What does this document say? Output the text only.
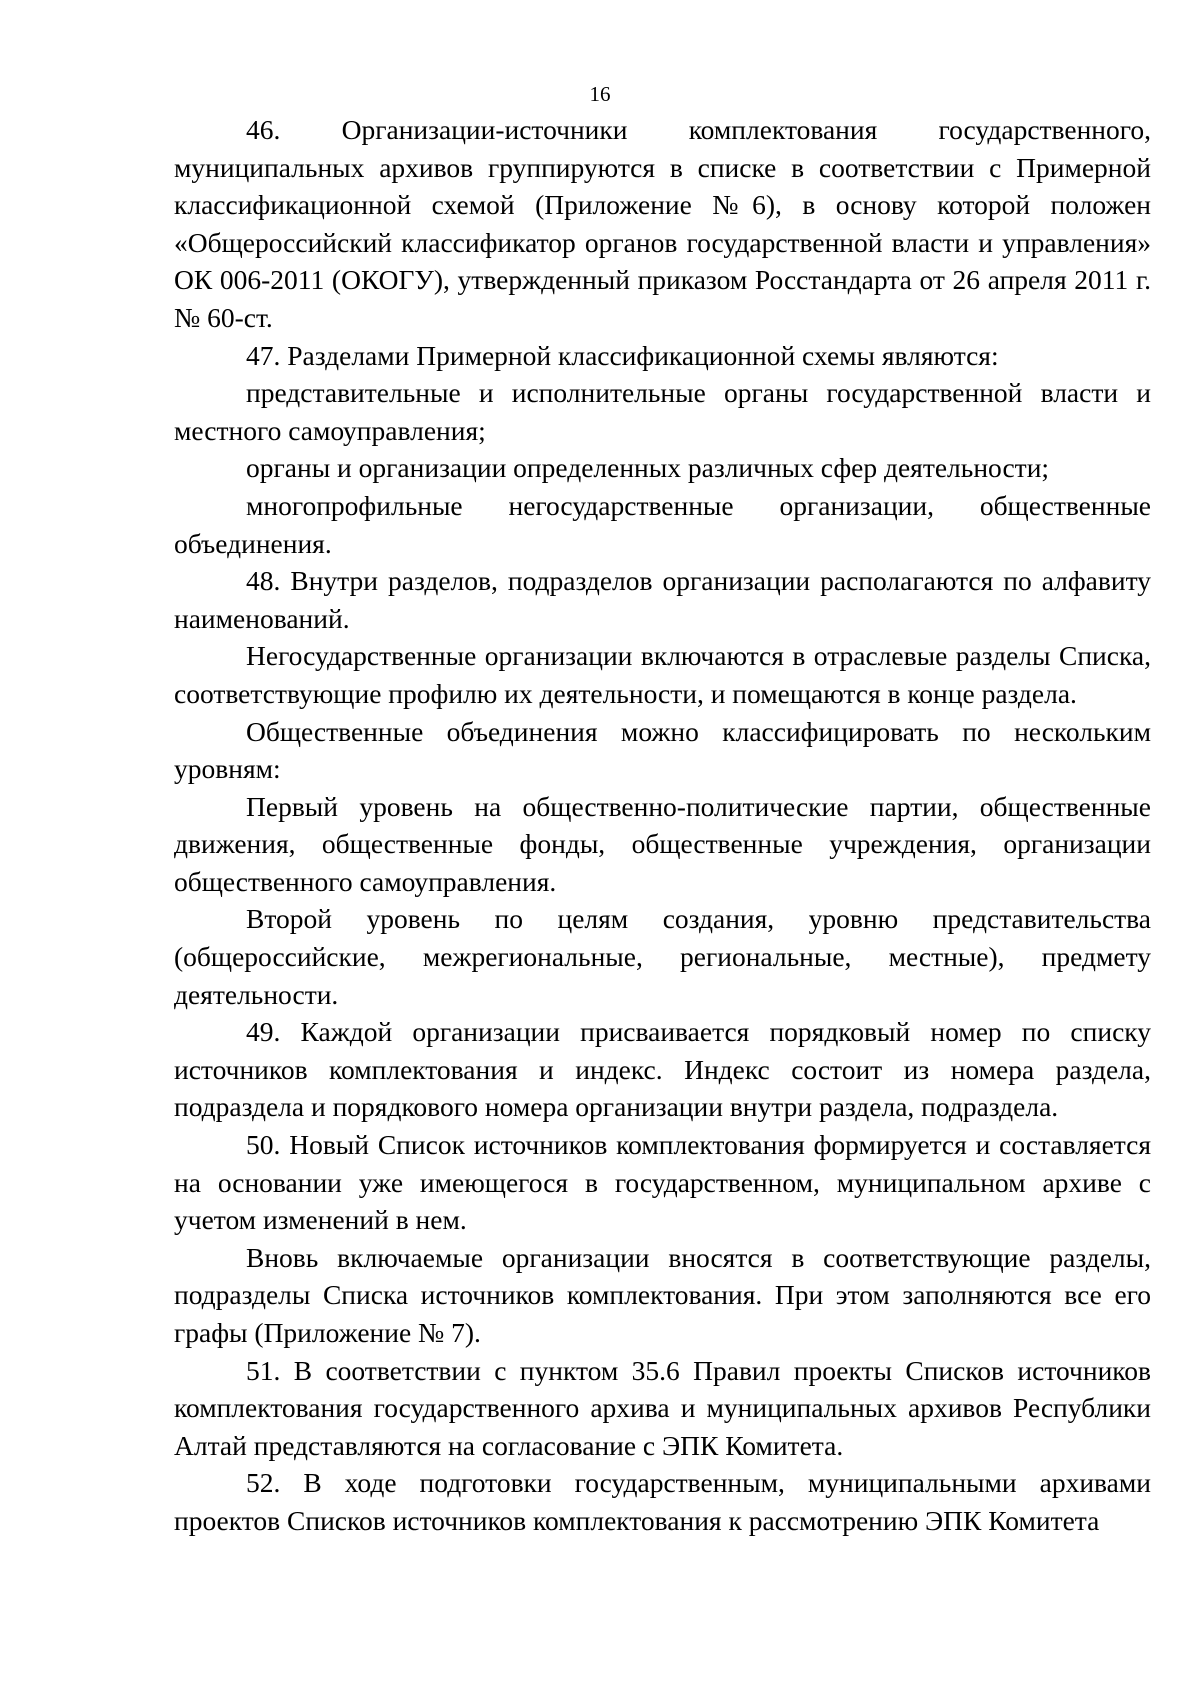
16

46. Организации-источники комплектования государственного, муниципальных архивов группируются в списке в соответствии с Примерной классификационной схемой (Приложение №6), в основу которой положен «Общероссийский классификатор органов государственной власти и управления» ОК 006-2011 (ОКОГУ), утвержденный приказом Росстандарта от 26 апреля 2011 г. № 60-ст.

47. Разделами Примерной классификационной схемы являются:

представительные и исполнительные органы государственной власти и местного самоуправления;

органы и организации определенных различных сфер деятельности;

многопрофильные негосударственные организации, общественные объединения.

48. Внутри разделов, подразделов организации располагаются по алфавиту наименований.

Негосударственные организации включаются в отраслевые разделы Списка, соответствующие профилю их деятельности, и помещаются в конце раздела.

Общественные объединения можно классифицировать по нескольким уровням:

Первый уровень на общественно-политические партии, общественные движения, общественные фонды, общественные учреждения, организации общественного самоуправления.

Второй уровень по целям создания, уровню представительства (общероссийские, межрегиональные, региональные, местные), предмету деятельности.

49. Каждой организации присваивается порядковый номер по списку источников комплектования и индекс. Индекс состоит из номера раздела, подраздела и порядкового номера организации внутри раздела, подраздела.

50. Новый Список источников комплектования формируется и составляется на основании уже имеющегося в государственном, муниципальном архиве с учетом изменений в нем.

Вновь включаемые организации вносятся в соответствующие разделы, подразделы Списка источников комплектования. При этом заполняются все его графы (Приложение № 7).

51. В соответствии с пунктом 35.6 Правил проекты Списков источников комплектования государственного архива и муниципальных архивов Республики Алтай представляются на согласование с ЭПК Комитета.

52. В ходе подготовки государственным, муниципальными архивами проектов Списков источников комплектования к рассмотрению ЭПК Комитета
